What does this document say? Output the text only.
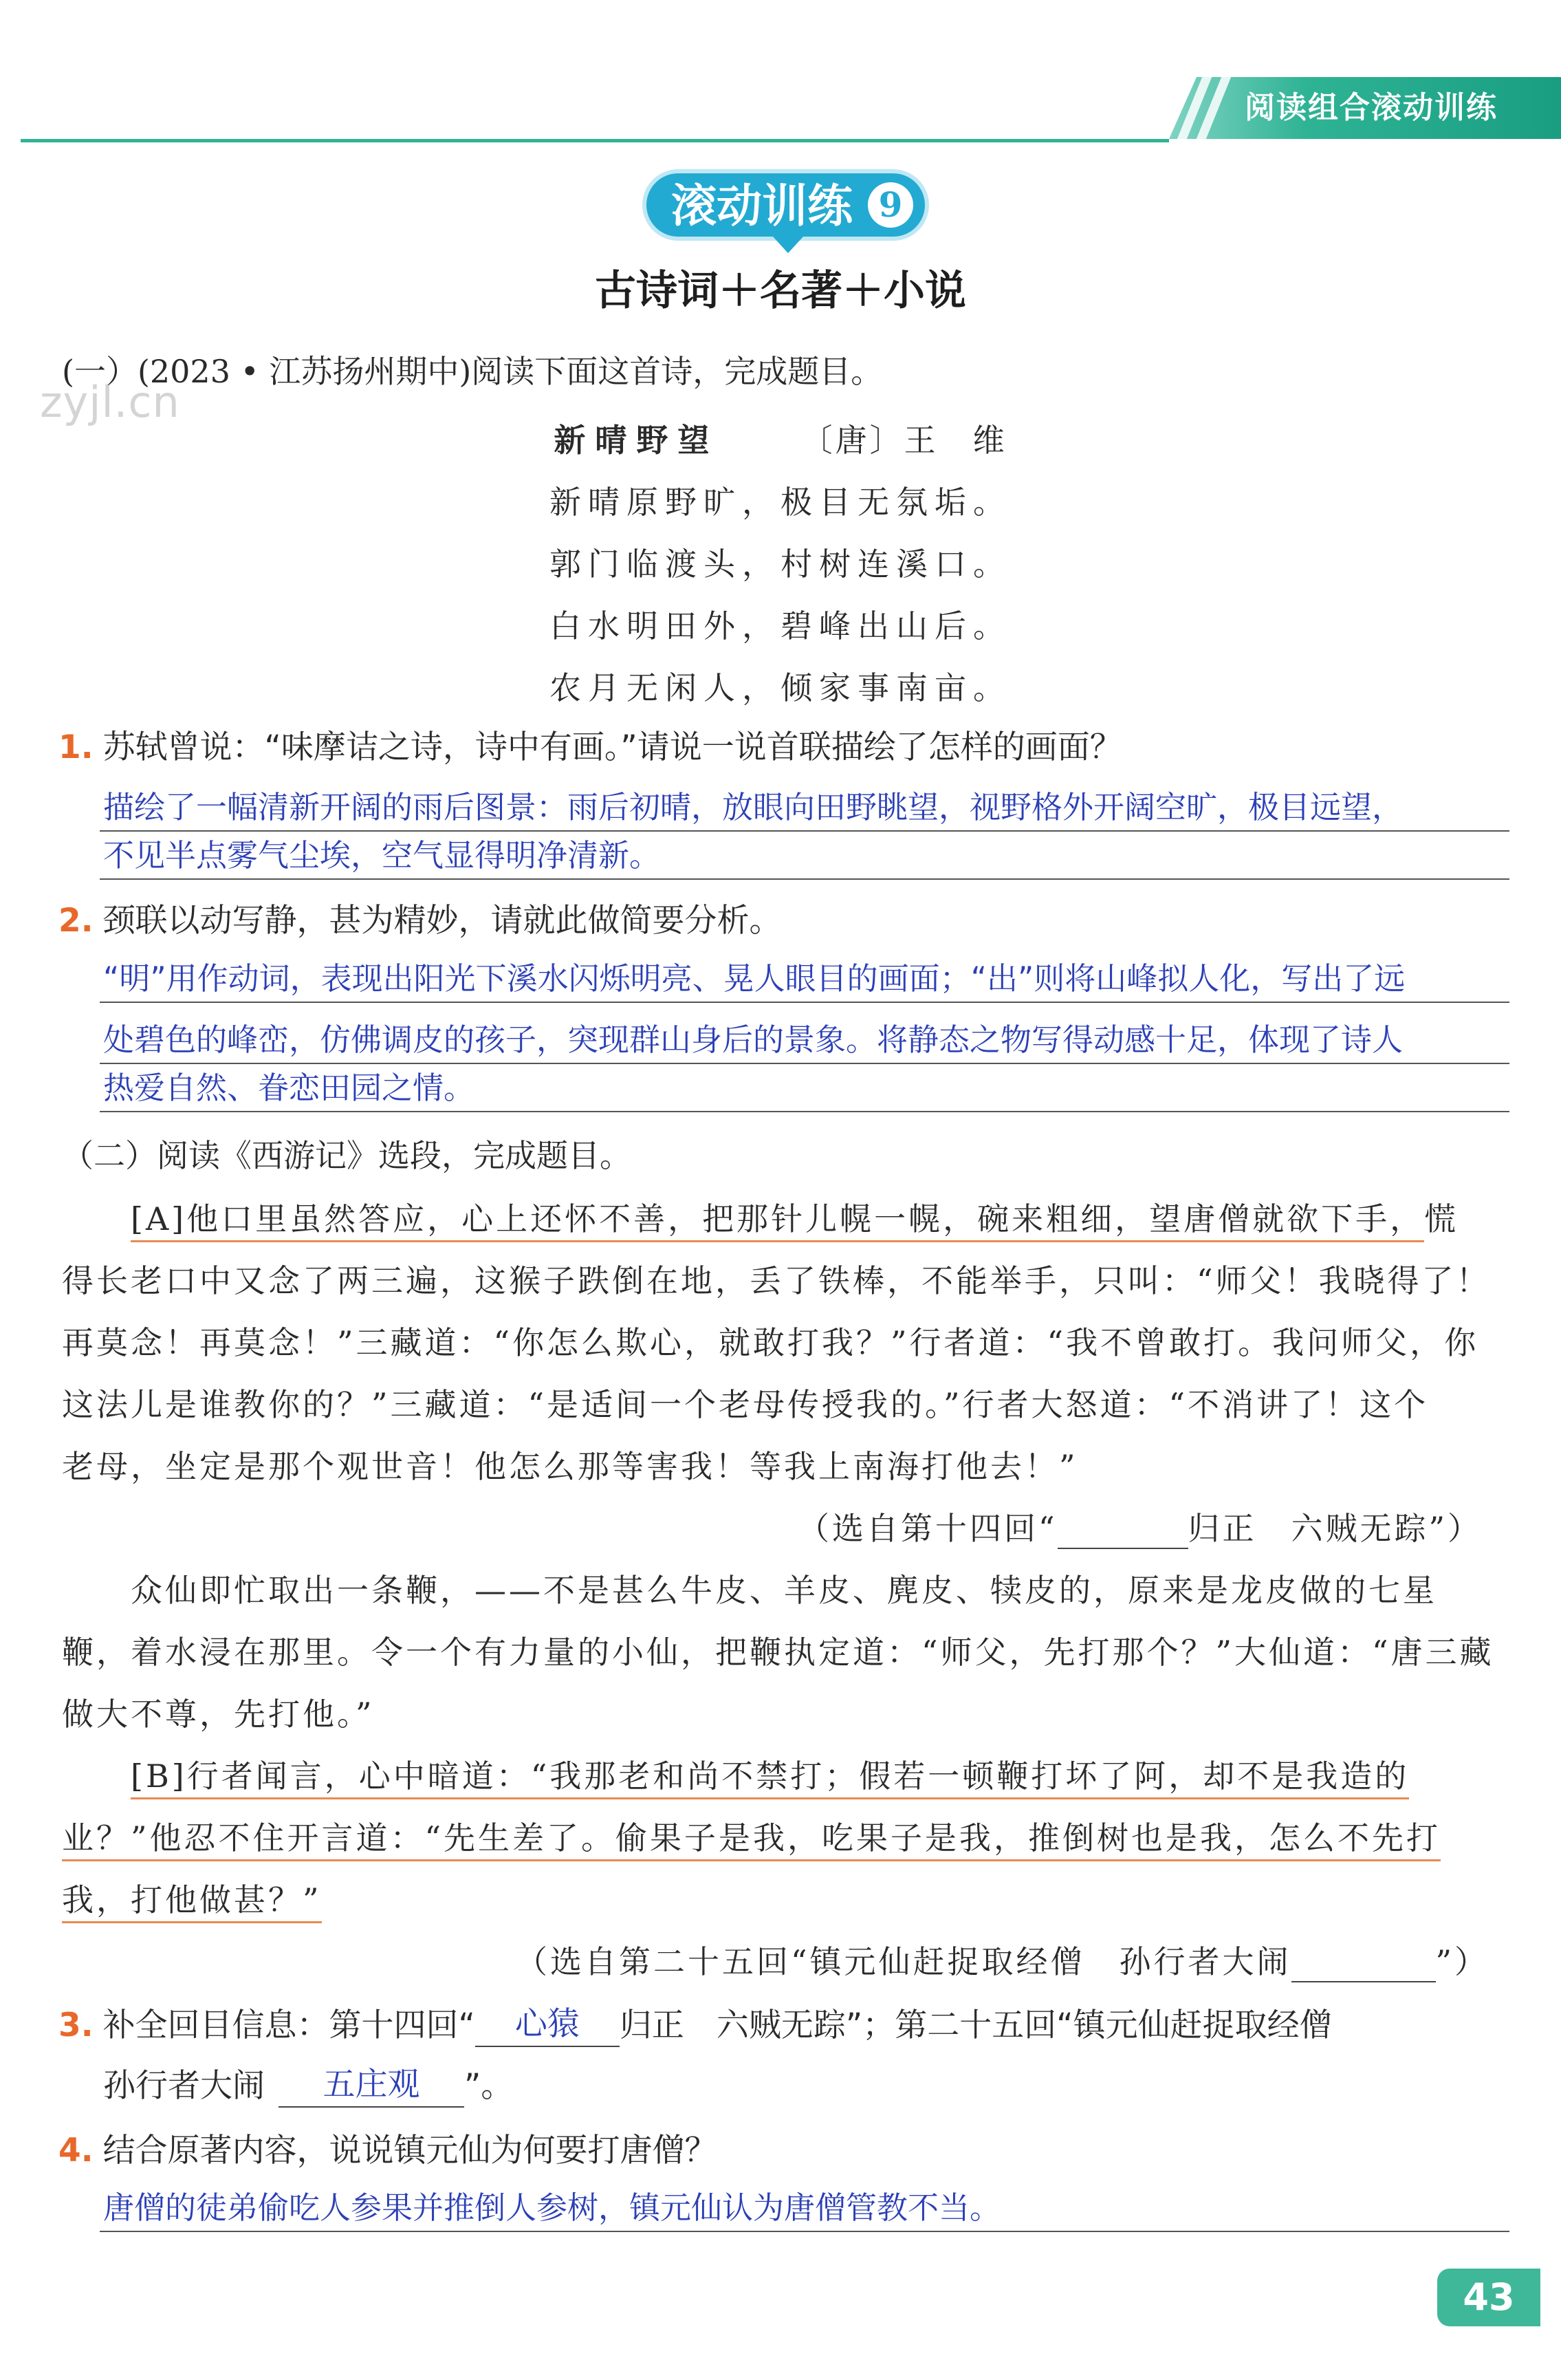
阅读组合滚动训练
滚动训练 9
古诗词＋名著＋小说
zyjl.cn
(一）(2023 • 江苏扬州期中)阅读下面这首诗，完成题目。
新晴野望	〔唐〕王　维
新晴原野旷，极目无氛垢。
郭门临渡头，村树连溪口。
白水明田外，碧峰出山后。
农月无闲人，倾家事南亩。
1. 苏轼曾说：“味摩诘之诗，诗中有画。”请说一说首联描绘了怎样的画面？
描绘了一幅清新开阔的雨后图景：雨后初晴，放眼向田野眺望，视野格外开阔空旷，极目远望，
不见半点雾气尘埃，空气显得明净清新。
2. 颈联以动写静，甚为精妙，请就此做简要分析。
“明”用作动词，表现出阳光下溪水闪烁明亮、晃人眼目的画面；“出”则将山峰拟人化，写出了远
处碧色的峰峦，仿佛调皮的孩子，突现群山身后的景象。将静态之物写得动感十足，体现了诗人
热爱自然、眷恋田园之情。
（二）阅读《西游记》选段，完成题目。
[A]他口里虽然答应，心上还怀不善，把那针儿幌一幌，碗来粗细，望唐僧就欲下手，慌
得长老口中又念了两三遍，这猴子跌倒在地，丢了铁棒，不能举手，只叫：“师父！我晓得了！
再莫念！再莫念！”三藏道：“你怎么欺心，就敢打我？”行者道：“我不曾敢打。我问师父，你
这法儿是谁教你的？”三藏道：“是适间一个老母传授我的。”行者大怒道：“不消讲了！这个
老母，坐定是那个观世音！他怎么那等害我！等我上南海打他去！”
（选自第十四回“	归正　六贼无踪”）
众仙即忙取出一条鞭，——不是甚么牛皮、羊皮、麂皮、犊皮的，原来是龙皮做的七星
鞭，着水浸在那里。令一个有力量的小仙，把鞭执定道：“师父，先打那个？”大仙道：“唐三藏
做大不尊，先打他。”
[B]行者闻言，心中暗道：“我那老和尚不禁打；假若一顿鞭打坏了阿，却不是我造的
业？”他忍不住开言道：“先生差了。偷果子是我，吃果子是我，推倒树也是我，怎么不先打
我，打他做甚？”
（选自第二十五回“镇元仙赶捉取经僧　孙行者大闹	”）
3. 补全回目信息：第十四回“ 心猿 归正　六贼无踪”；第二十五回“镇元仙赶捉取经僧
孙行者大闹 五庄观 ”。
4. 结合原著内容，说说镇元仙为何要打唐僧？
唐僧的徒弟偷吃人参果并推倒人参树，镇元仙认为唐僧管教不当。
43
